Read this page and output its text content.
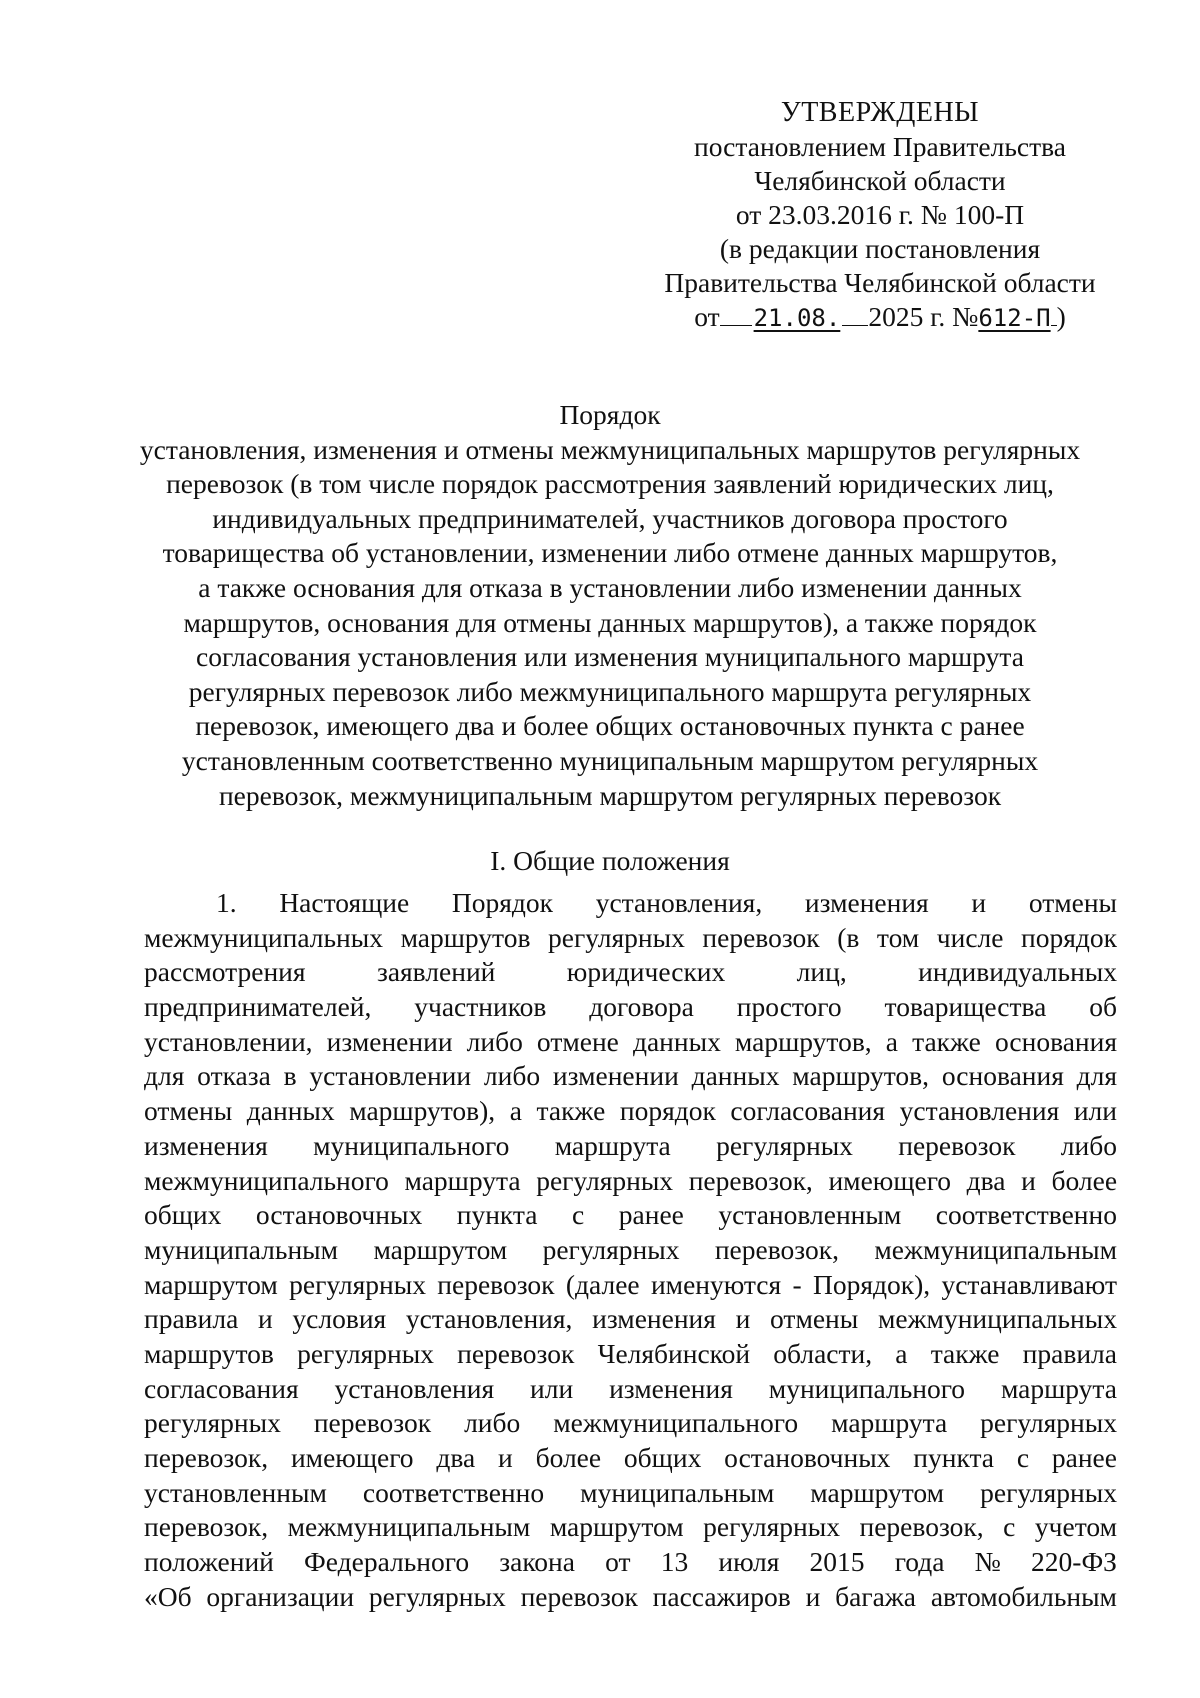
УТВЕРЖДЕНЫ
постановлением Правительства
Челябинской области
от 23.03.2016 г. № 100-П
(в редакции постановления
Правительства Челябинской области
от 21.08. 2025 г. №612-П )
Порядок
установления, изменения и отмены межмуниципальных маршрутов регулярных
перевозок (в том числе порядок рассмотрения заявлений юридических лиц,
индивидуальных предпринимателей, участников договора простого
товарищества об установлении, изменении либо отмене данных маршрутов,
а также основания для отказа в установлении либо изменении данных
маршрутов, основания для отмены данных маршрутов), а также порядок
согласования установления или изменения муниципального маршрута
регулярных перевозок либо межмуниципального маршрута регулярных
перевозок, имеющего два и более общих остановочных пункта с ранее
установленным соответственно муниципальным маршрутом регулярных
перевозок, межмуниципальным маршрутом регулярных перевозок
I. Общие положения
1. Настоящие Порядок установления, изменения и отмены
межмуниципальных маршрутов регулярных перевозок (в том числе порядок
рассмотрения заявлений юридических лиц, индивидуальных
предпринимателей, участников договора простого товарищества об
установлении, изменении либо отмене данных маршрутов, а также основания
для отказа в установлении либо изменении данных маршрутов, основания для
отмены данных маршрутов), а также порядок согласования установления или
изменения муниципального маршрута регулярных перевозок либо
межмуниципального маршрута регулярных перевозок, имеющего два и более
общих остановочных пункта с ранее установленным соответственно
муниципальным маршрутом регулярных перевозок, межмуниципальным
маршрутом регулярных перевозок (далее именуются - Порядок), устанавливают
правила и условия установления, изменения и отмены межмуниципальных
маршрутов регулярных перевозок Челябинской области, а также правила
согласования установления или изменения муниципального маршрута
регулярных перевозок либо межмуниципального маршрута регулярных
перевозок, имеющего два и более общих остановочных пункта с ранее
установленным соответственно муниципальным маршрутом регулярных
перевозок, межмуниципальным маршрутом регулярных перевозок, с учетом
положений Федерального закона от 13 июля 2015 года № 220-ФЗ
«Об организации регулярных перевозок пассажиров и багажа автомобильным
